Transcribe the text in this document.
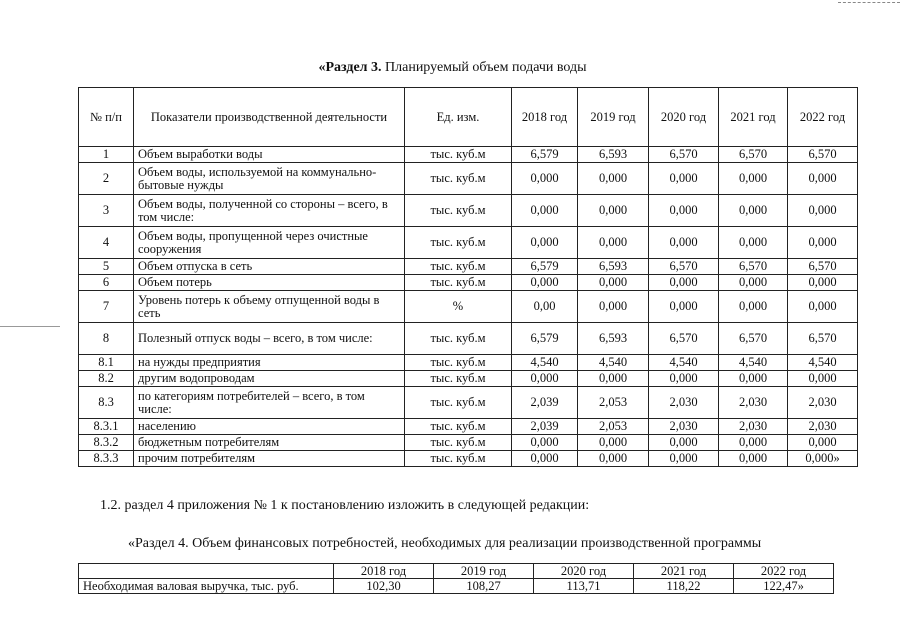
«Раздел 3. Планируемый объем подачи воды
№ п/п	Показатели производственной деятельности	Ед. изм.	2018 год	2019 год	2020 год	2021 год	2022 год
1	Объем выработки воды	тыс. куб.м	6,579	6,593	6,570	6,570	6,570
2	Объем воды, используемой на коммунально-бытовые нужды	тыс. куб.м	0,000	0,000	0,000	0,000	0,000
3	Объем воды, полученной со стороны – всего, в том числе:	тыс. куб.м	0,000	0,000	0,000	0,000	0,000
4	Объем воды, пропущенной через очистные сооружения	тыс. куб.м	0,000	0,000	0,000	0,000	0,000
5	Объем отпуска в сеть	тыс. куб.м	6,579	6,593	6,570	6,570	6,570
6	Объем потерь	тыс. куб.м	0,000	0,000	0,000	0,000	0,000
7	Уровень потерь к объему отпущенной воды в сеть	%	0,00	0,000	0,000	0,000	0,000
8	Полезный отпуск воды – всего, в том числе:	тыс. куб.м	6,579	6,593	6,570	6,570	6,570
8.1	на нужды предприятия	тыс. куб.м	4,540	4,540	4,540	4,540	4,540
8.2	другим водопроводам	тыс. куб.м	0,000	0,000	0,000	0,000	0,000
8.3	по категориям потребителей – всего, в том числе:	тыс. куб.м	2,039	2,053	2,030	2,030	2,030
8.3.1	населению	тыс. куб.м	2,039	2,053	2,030	2,030	2,030
8.3.2	бюджетным потребителям	тыс. куб.м	0,000	0,000	0,000	0,000	0,000
8.3.3	прочим потребителям	тыс. куб.м	0,000	0,000	0,000	0,000	0,000»
1.2. раздел 4 приложения № 1 к постановлению изложить в следующей редакции:
«Раздел 4. Объем финансовых потребностей, необходимых для реализации производственной программы
	2018 год	2019 год	2020 год	2021 год	2022 год
Необходимая валовая выручка, тыс. руб.	102,30	108,27	113,71	118,22	122,47»
